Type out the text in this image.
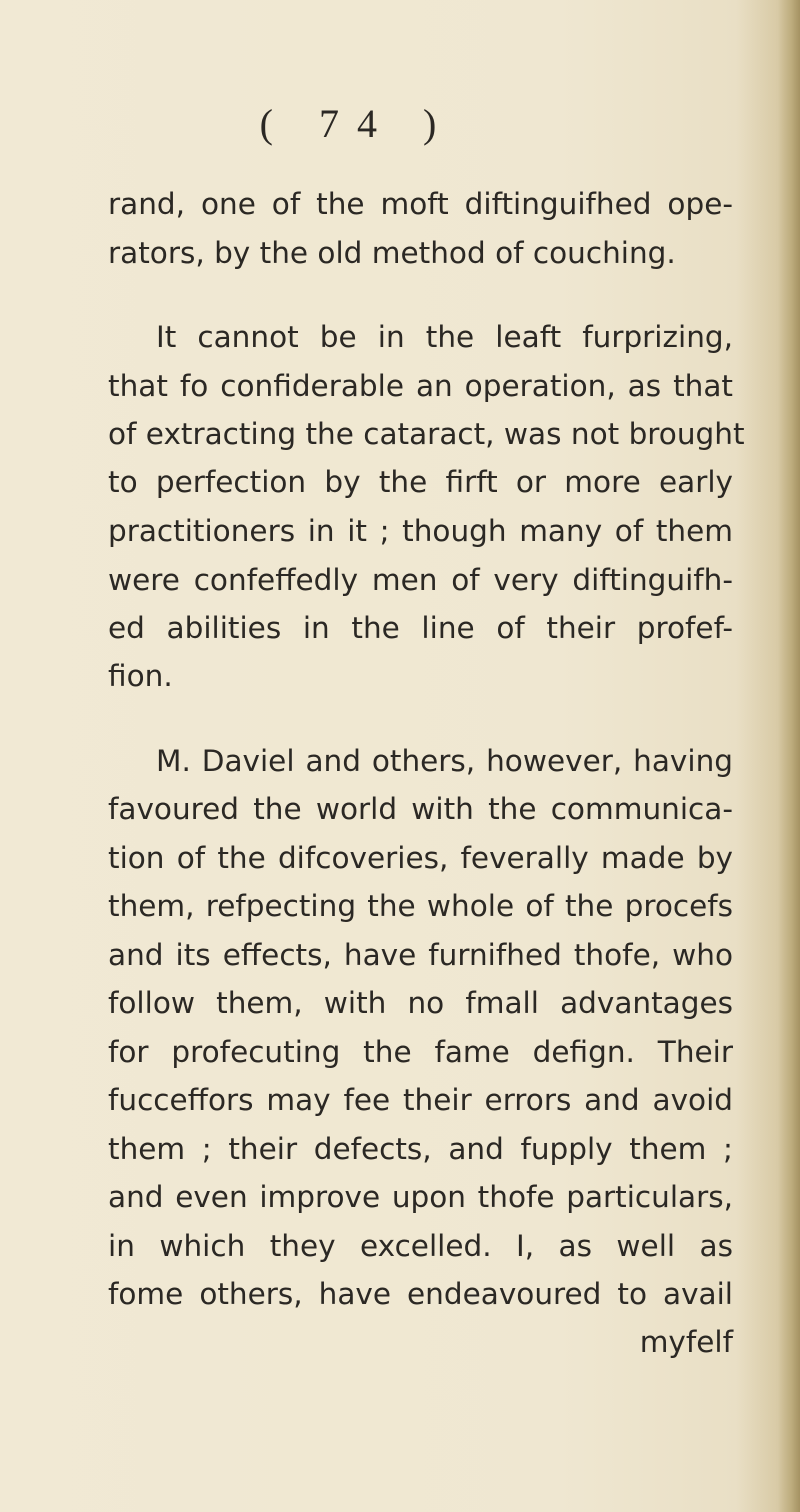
( 74 )
rand, one of the moft diftinguifhed ope-
rators, by the old method of couching.
It cannot be in the leaft furprizing,
that fo confiderable an operation, as that
of extracting the cataract, was not brought
to perfection by the firft or more early
practitioners in it ; though many of them
were confeffedly men of very diftinguifh-
ed abilities in the line of their profef-
fion.
M. Daviel and others, however, having
favoured the world with the communica-
tion of the difcoveries, feverally made by
them, refpecting the whole of the procefs
and its effects, have furnifhed thofe, who
follow them, with no fmall advantages
for profecuting the fame defign. Their
fucceffors may fee their errors and avoid
them ; their defects, and fupply them ;
and even improve upon thofe particulars,
in which they excelled. I, as well as
fome others, have endeavoured to avail
myfelf
